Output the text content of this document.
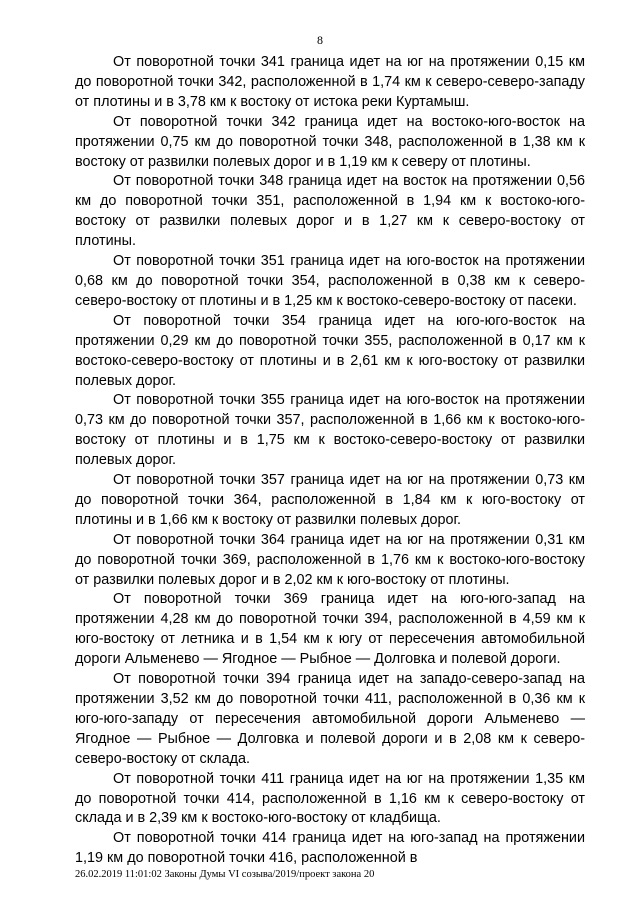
8

От поворотной точки 341 граница идет на юг на протяжении 0,15 км до поворотной точки 342, расположенной в 1,74 км к северо-северо-западу от плотины и в 3,78 км к востоку от истока реки Куртамыш.

От поворотной точки 342 граница идет на востоко-юго-восток на протяжении 0,75 км до поворотной точки 348, расположенной в 1,38 км к востоку от развилки полевых дорог и в 1,19 км к северу от плотины.

От поворотной точки 348 граница идет на восток на протяжении 0,56 км до поворотной точки 351, расположенной в 1,94 км к востоко-юго-востоку от развилки полевых дорог и в 1,27 км к северо-востоку от плотины.

От поворотной точки 351 граница идет на юго-восток на протяжении 0,68 км до поворотной точки 354, расположенной в 0,38 км к северо-северо-востоку от плотины и в 1,25 км к востоко-северо-востоку от пасеки.

От поворотной точки 354 граница идет на юго-юго-восток на протяжении 0,29 км до поворотной точки 355, расположенной в 0,17 км к востоко-северо-востоку от плотины и в 2,61 км к юго-востоку от развилки полевых дорог.

От поворотной точки 355 граница идет на юго-восток на протяжении 0,73 км до поворотной точки 357, расположенной в 1,66 км к востоко-юго-востоку от плотины и в 1,75 км к востоко-северо-востоку от развилки полевых дорог.

От поворотной точки 357 граница идет на юг на протяжении 0,73 км до поворотной точки 364, расположенной в 1,84 км к юго-востоку от плотины и в 1,66 км к востоку от развилки полевых дорог.

От поворотной точки 364 граница идет на юг на протяжении 0,31 км до поворотной точки 369, расположенной в 1,76 км к востоко-юго-востоку от развилки полевых дорог и в 2,02 км к юго-востоку от плотины.

От поворотной точки 369 граница идет на юго-юго-запад на протяжении 4,28 км до поворотной точки 394, расположенной в 4,59 км к юго-востоку от летника и в 1,54 км к югу от пересечения автомобильной дороги Альменево — Ягодное — Рыбное — Долговка и полевой дороги.

От поворотной точки 394 граница идет на западо-северо-запад на протяжении 3,52 км до поворотной точки 411, расположенной в 0,36 км к юго-юго-западу от пересечения автомобильной дороги Альменево — Ягодное — Рыбное — Долговка и полевой дороги и в 2,08 км к северо-северо-востоку от склада.

От поворотной точки 411 граница идет на юг на протяжении 1,35 км до поворотной точки 414, расположенной в 1,16 км к северо-востоку от склада и в 2,39 км к востоко-юго-востоку от кладбища.

От поворотной точки 414 граница идет на юго-запад на протяжении 1,19 км до поворотной точки 416, расположенной в

26.02.2019 11:01:02 Законы Думы VI созыва/2019/проект закона 20
